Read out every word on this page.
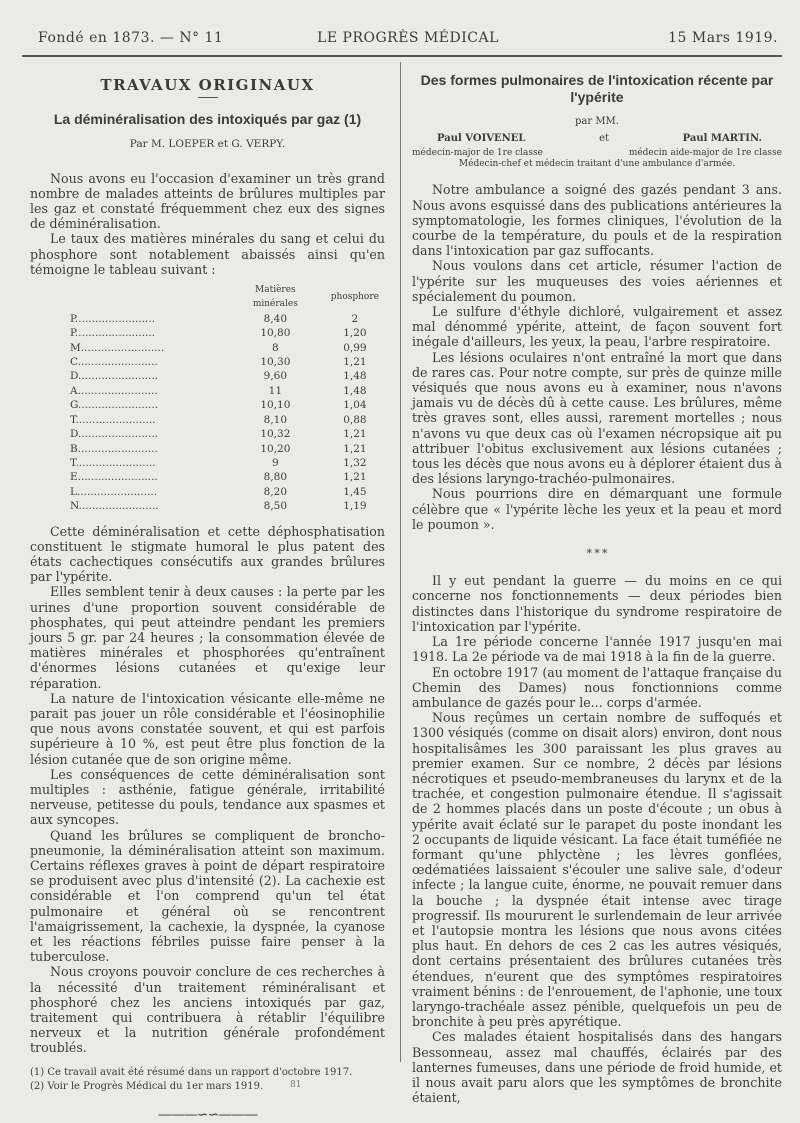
Fondé en 1873. — N° 11	LE PROGRÈS MÉDICAL	15 Mars 1919.
TRAVAUX ORIGINAUX
La déminéralisation des intoxiqués par gaz (1)
Par M. LOEPER et G. VERPY.

Nous avons eu l'occasion d'examiner un très grand nombre de malades atteints de brûlures multiples par les gaz et constaté fréquemment chez eux des signes de déminéralisation.

Le taux des matières minérales du sang et celui du phosphore sont notablement abaissés ainsi qu'en témoigne le tableau suivant :

	Matières minérales	phosphore
P........................	8,40	2
P........................	10,80	1,20
M.........................	8	0,99
C........................	10,30	1,21
D........................	9,60	1,48
A........................	11	1,48
G........................	10,10	1,04
T........................	8,10	0,88
D........................	10,32	1,21
B........................	10,20	1,21
T........................	9	1,32
E........................	8,80	1,21
L........................	8,20	1,45
N........................	8,50	1,19

Cette déminéralisation et cette déphosphatisation constituent le stigmate humoral le plus patent des états cachectiques consécutifs aux grandes brûlures par l'ypérite.

Elles semblent tenir à deux causes : la perte par les urines d'une proportion souvent considérable de phosphates, qui peut atteindre pendant les premiers jours 5 gr. par 24 heures ; la consommation élevée de matières minérales et phosphorées qu'entraînent d'énormes lésions cutanées et qu'exige leur réparation.

La nature de l'intoxication vésicante elle-même ne parait pas jouer un rôle considérable et l'éosinophilie que nous avons constatée souvent, et qui est parfois supérieure à 10 %, est peut être plus fonction de la lésion cutanée que de son origine même.

Les conséquences de cette déminéralisation sont multiples : asthénie, fatigue générale, irritabilité nerveuse, petitesse du pouls, tendance aux spasmes et aux syncopes.

Quand les brûlures se compliquent de broncho-pneumonie, la déminéralisation atteint son maximum. Certains réflexes graves à point de départ respiratoire se produisent avec plus d'intensité (2). La cachexie est considérable et l'on comprend qu'un tel état pulmonaire et général où se rencontrent l'amaigrissement, la cachexie, la dyspnée, la cyanose et les réactions fébriles puisse faire penser à la tuberculose.

Nous croyons pouvoir conclure de ces recherches à la nécessité d'un traitement réminéralisant et phosphoré chez les anciens intoxiqués par gaz, traitement qui contribuera à rétablir l'équilibre nerveux et la nutrition générale profondément troublés.

(1) Ce travail avait été résumé dans un rapport d'octobre 1917.
(2) Voir le Progrès Médical du 1er mars 1919.
———∽∽———
Des formes pulmonaires de l'intoxication récente par l'ypérite
par MM.
Paul VOIVENEL	et	Paul MARTIN.
médecin-major de 1re classe	médecin aide-major de 1re classe
Médecin-chef et médecin traitant d'une ambulance d'armée.

Notre ambulance a soigné des gazés pendant 3 ans. Nous avons esquissé dans des publications antérieures la symptomatologie, les formes cliniques, l'évolution de la courbe de la température, du pouls et de la respiration dans l'intoxication par gaz suffocants.

Nous voulons dans cet article, résumer l'action de l'ypérite sur les muqueuses des voies aériennes et spécialement du poumon.

Le sulfure d'éthyle dichloré, vulgairement et assez mal dénommé ypérite, atteint, de façon souvent fort inégale d'ailleurs, les yeux, la peau, l'arbre respiratoire.

Les lésions oculaires n'ont entraîné la mort que dans de rares cas. Pour notre compte, sur près de quinze mille vésiqués que nous avons eu à examiner, nous n'avons jamais vu de décès dû à cette cause. Les brûlures, même très graves sont, elles aussi, rarement mortelles ; nous n'avons vu que deux cas où l'examen nécropsique ait pu attribuer l'obitus exclusivement aux lésions cutanées ; tous les décès que nous avons eu à déplorer étaient dus à des lésions laryngo-trachéo-pulmonaires.

Nous pourrions dire en démarquant une formule célèbre que « l'ypérite lèche les yeux et la peau et mord le poumon ».

* * *

Il y eut pendant la guerre — du moins en ce qui concerne nos fonctionnements — deux périodes bien distinctes dans l'historique du syndrome respiratoire de l'intoxication par l'ypérite.

La 1re période concerne l'année 1917 jusqu'en mai 1918. La 2e période va de mai 1918 à la fin de la guerre.

En octobre 1917 (au moment de l'attaque française du Chemin des Dames) nous fonctionnions comme ambulance de gazés pour le... corps d'armée.

Nous reçûmes un certain nombre de suffoqués et 1300 vésiqués (comme on disait alors) environ, dont nous hospitalisâmes les 300 paraissant les plus graves au premier examen. Sur ce nombre, 2 décès par lésions nécrotiques et pseudo-membraneuses du larynx et de la trachée, et congestion pulmonaire étendue. Il s'agissait de 2 hommes placés dans un poste d'écoute ; un obus à ypérite avait éclaté sur le parapet du poste inondant les 2 occupants de liquide vésicant. La face était tuméfiée ne formant qu'une phlyctène ; les lèvres gonflées, œdématiées laissaient s'écouler une salive sale, d'odeur infecte ; la langue cuite, énorme, ne pouvait remuer dans la bouche ; la dyspnée était intense avec tirage progressif. Ils moururent le surlendemain de leur arrivée et l'autopsie montra les lésions que nous avons citées plus haut. En dehors de ces 2 cas les autres vésiqués, dont certains présentaient des brûlures cutanées très étendues, n'eurent que des symptômes respiratoires vraiment bénins : de l'enrouement, de l'aphonie, une toux laryngo-trachéale assez pénible, quelquefois un peu de bronchite à peu près apyrétique.

Ces malades étaient hospitalisés dans des hangars Bessonneau, assez mal chauffés, éclairés par des lanternes fumeuses, dans une période de froid humide, et il nous avait paru alors que les symptômes de bronchite étaient,

81
